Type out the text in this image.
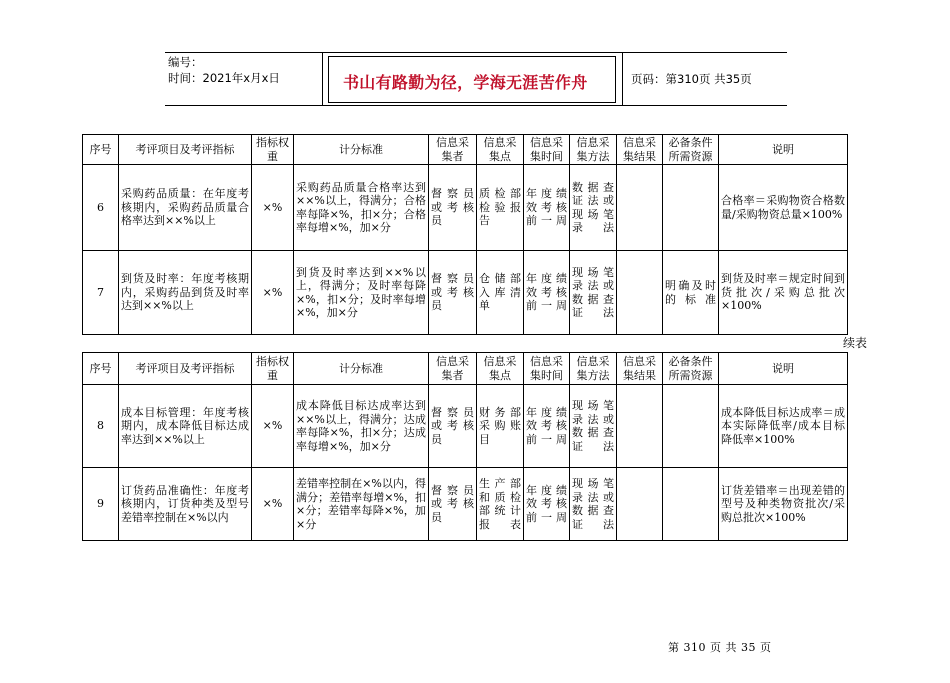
编号：
时间：2021年x月x日	书山有路勤为径，学海无涯苦作舟	页码：第310页 共35页
序号	考评项目及考评指标	指标权重	计分标准	信息采集者	信息采集点	信息采集时间	信息采集方法	信息采集结果	必备条件所需资源	说明
6	采购药品质量：在年度考核期内，采购药品质量合格率达到××%以上	×%	采购药品质量合格率达到××%以上，得满分；合格率每降×%，扣×分；合格率每增×%，加×分	督察员或考核员	质检部检验报告	年度绩效考核前一周	数据查证法或现场笔录法			合格率＝采购物资合格数量/采购物资总量×100%
7	到货及时率：年度考核期内，采购药品到货及时率达到××%以上	×%	到货及时率达到××%以上，得满分；及时率每降×%，扣×分；及时率每增×%，加×分	督察员或考核员	仓储部入库清单	年度绩效考核前一周	现场笔录法或数据查证法		明确及时的标准	到货及时率＝规定时间到货批次/采购总批次×100%
续表
序号	考评项目及考评指标	指标权重	计分标准	信息采集者	信息采集点	信息采集时间	信息采集方法	信息采集结果	必备条件所需资源	说明
8	成本目标管理：年度考核期内，成本降低目标达成率达到××%以上	×%	成本降低目标达成率达到××%以上，得满分；达成率每降×%，扣×分；达成率每增×%，加×分	督察员或考核员	财务部采购账目	年度绩效考核前一周	现场笔录法或数据查证法			成本降低目标达成率＝成本实际降低率/成本目标降低率×100%
9	订货药品准确性：年度考核期内，订货种类及型号差错率控制在×%以内	×%	差错率控制在×%以内，得满分；差错率每增×%，扣×分；差错率每降×%，加×分	督察员或考核员	生产部和质检部统计报表	年度绩效考核前一周	现场笔录法或数据查证法			订货差错率＝出现差错的型号及种类物资批次/采购总批次×100%
第 310 页 共 35 页
